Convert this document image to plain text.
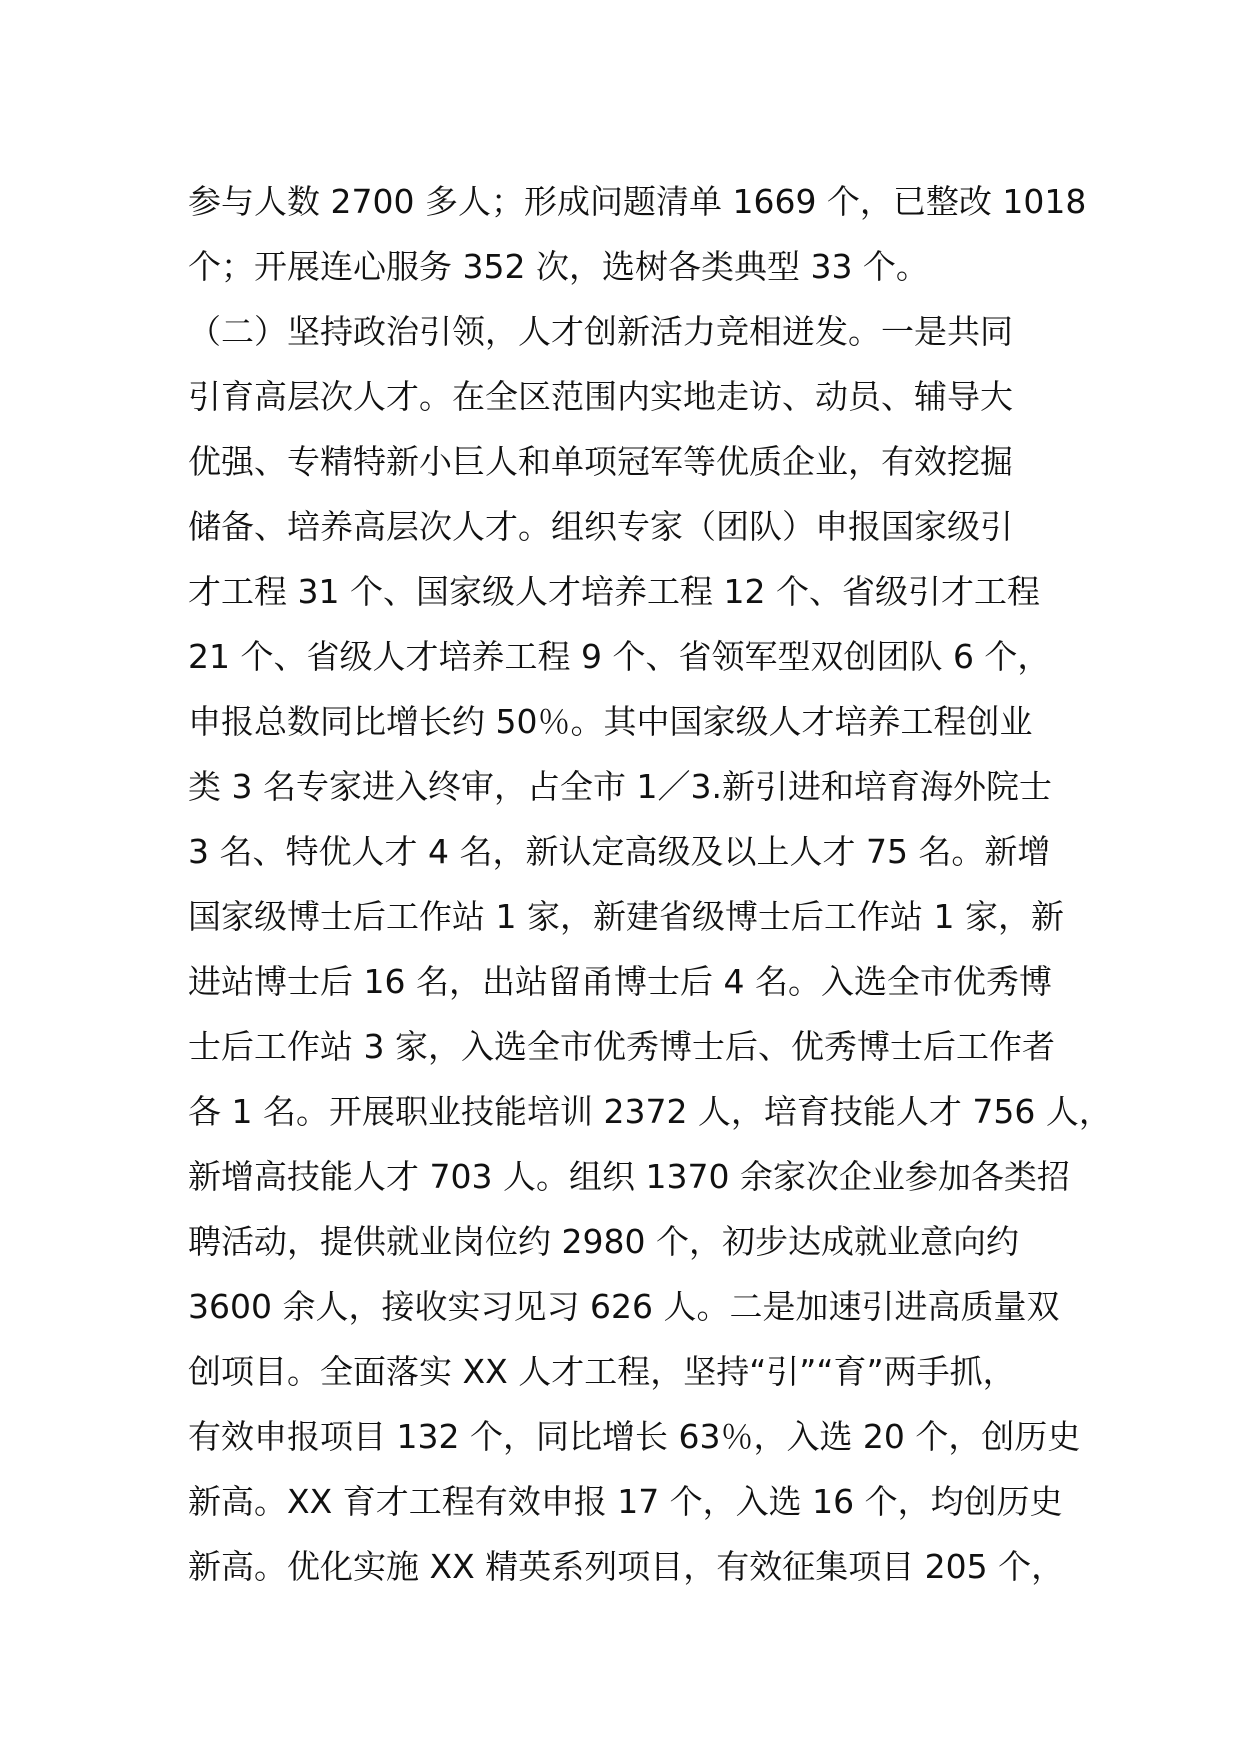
参与人数 2700 多人；形成问题清单 1669 个，已整改 1018
个；开展连心服务 352 次，选树各类典型 33 个。
（二）坚持政治引领，人才创新活力竞相迸发。一是共同
引育高层次人才。在全区范围内实地走访、动员、辅导大
优强、专精特新小巨人和单项冠军等优质企业，有效挖掘
储备、培养高层次人才。组织专家（团队）申报国家级引
才工程 31 个、国家级人才培养工程 12 个、省级引才工程
21 个、省级人才培养工程 9 个、省领军型双创团队 6 个，
申报总数同比增长约 50％。其中国家级人才培养工程创业
类 3 名专家进入终审，占全市 1／3.新引进和培育海外院士
3 名、特优人才 4 名，新认定高级及以上人才 75 名。新增
国家级博士后工作站 1 家，新建省级博士后工作站 1 家，新
进站博士后 16 名，出站留甬博士后 4 名。入选全市优秀博
士后工作站 3 家，入选全市优秀博士后、优秀博士后工作者
各 1 名。开展职业技能培训 2372 人，培育技能人才 756 人，
新增高技能人才 703 人。组织 1370 余家次企业参加各类招
聘活动，提供就业岗位约 2980 个，初步达成就业意向约
3600 余人，接收实习见习 626 人。二是加速引进高质量双
创项目。全面落实 XX 人才工程，坚持“引”“育”两手抓，
有效申报项目 132 个，同比增长 63％，入选 20 个，创历史
新高。XX 育才工程有效申报 17 个，入选 16 个，均创历史
新高。优化实施 XX 精英系列项目，有效征集项目 205 个，
